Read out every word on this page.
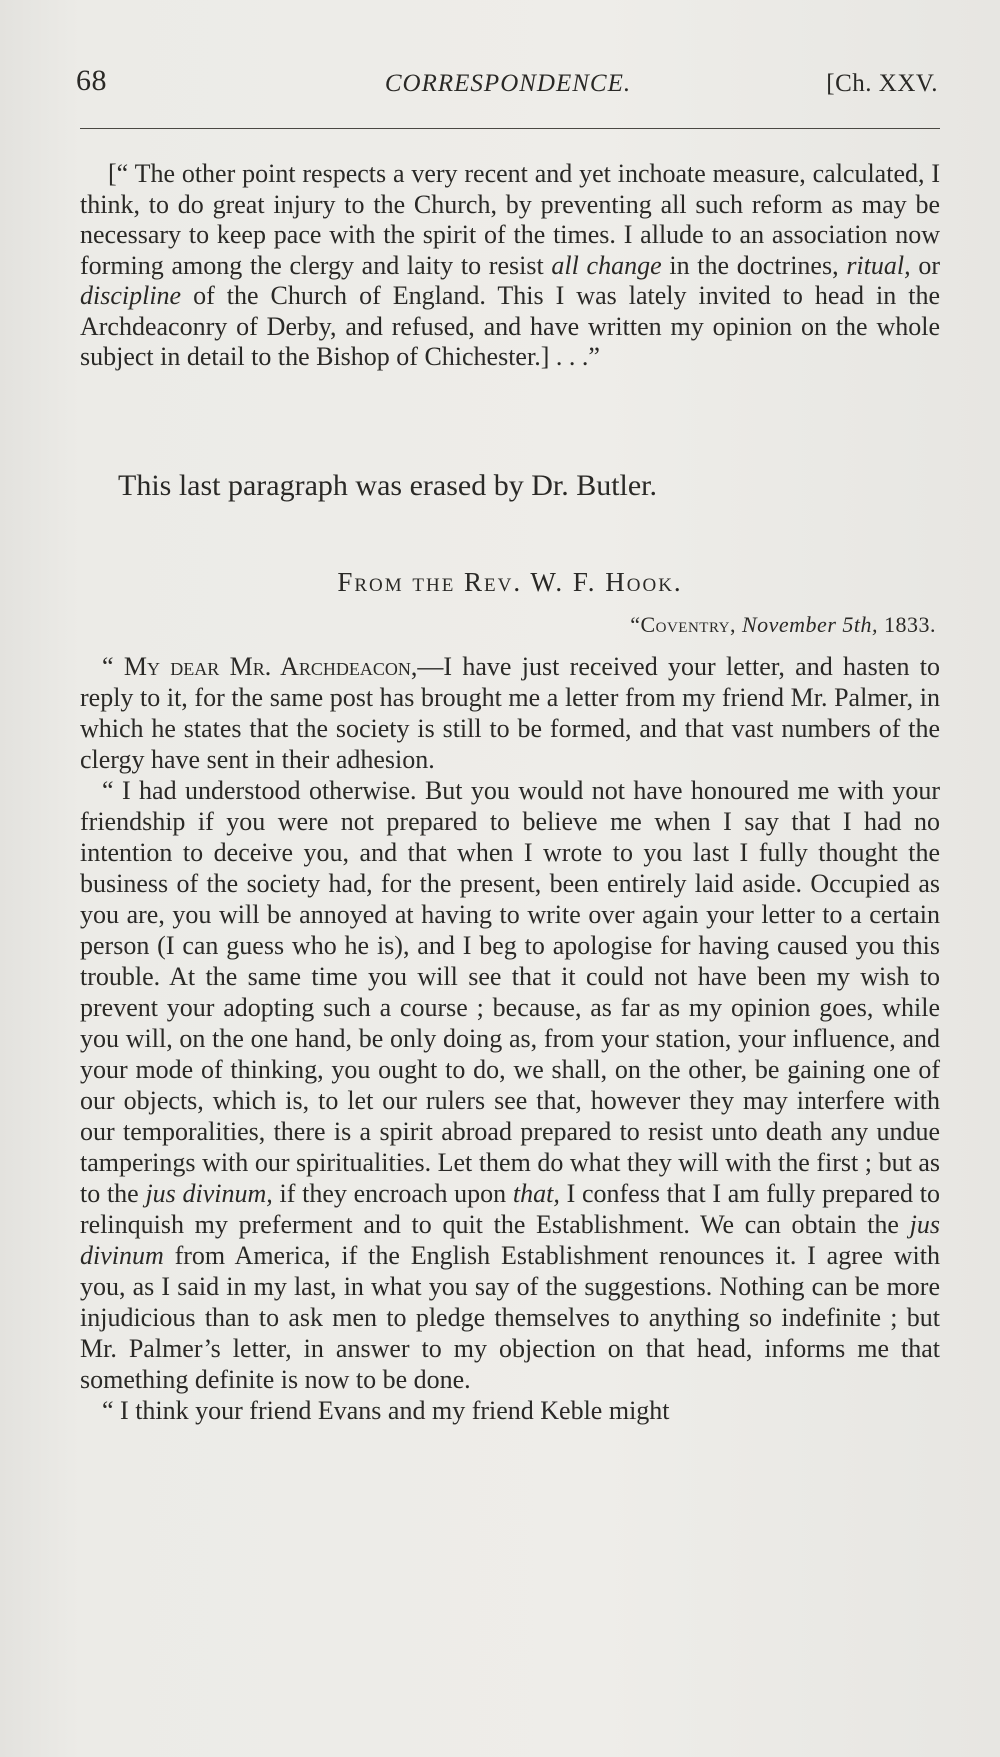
68	CORRESPONDENCE.	[Ch. XXV.

[“ The other point respects a very recent and yet inchoate measure, calculated, I think, to do great injury to the Church, by preventing all such reform as may be necessary to keep pace with the spirit of the times. I allude to an association now forming among the clergy and laity to resist all change in the doctrines, ritual, or discipline of the Church of England. This I was lately invited to head in the Archdeaconry of Derby, and refused, and have written my opinion on the whole subject in detail to the Bishop of Chichester.] . . .”

This last paragraph was erased by Dr. Butler.

From the Rev. W. F. Hook.

“Coventry, November 5th, 1833.

“ My dear Mr. Archdeacon,—I have just received your letter, and hasten to reply to it, for the same post has brought me a letter from my friend Mr. Palmer, in which he states that the society is still to be formed, and that vast numbers of the clergy have sent in their adhesion.

“ I had understood otherwise. But you would not have honoured me with your friendship if you were not prepared to believe me when I say that I had no intention to deceive you, and that when I wrote to you last I fully thought the business of the society had, for the present, been entirely laid aside. Occupied as you are, you will be annoyed at having to write over again your letter to a certain person (I can guess who he is), and I beg to apologise for having caused you this trouble. At the same time you will see that it could not have been my wish to prevent your adopting such a course ; because, as far as my opinion goes, while you will, on the one hand, be only doing as, from your station, your influence, and your mode of thinking, you ought to do, we shall, on the other, be gaining one of our objects, which is, to let our rulers see that, however they may interfere with our temporalities, there is a spirit abroad prepared to resist unto death any undue tamperings with our spiritualities. Let them do what they will with the first ; but as to the jus divinum, if they encroach upon that, I confess that I am fully prepared to relinquish my preferment and to quit the Establishment. We can obtain the jus divinum from America, if the English Establishment renounces it. I agree with you, as I said in my last, in what you say of the suggestions. Nothing can be more injudicious than to ask men to pledge themselves to anything so indefinite ; but Mr. Palmer’s letter, in answer to my objection on that head, informs me that something definite is now to be done.

“ I think your friend Evans and my friend Keble might
